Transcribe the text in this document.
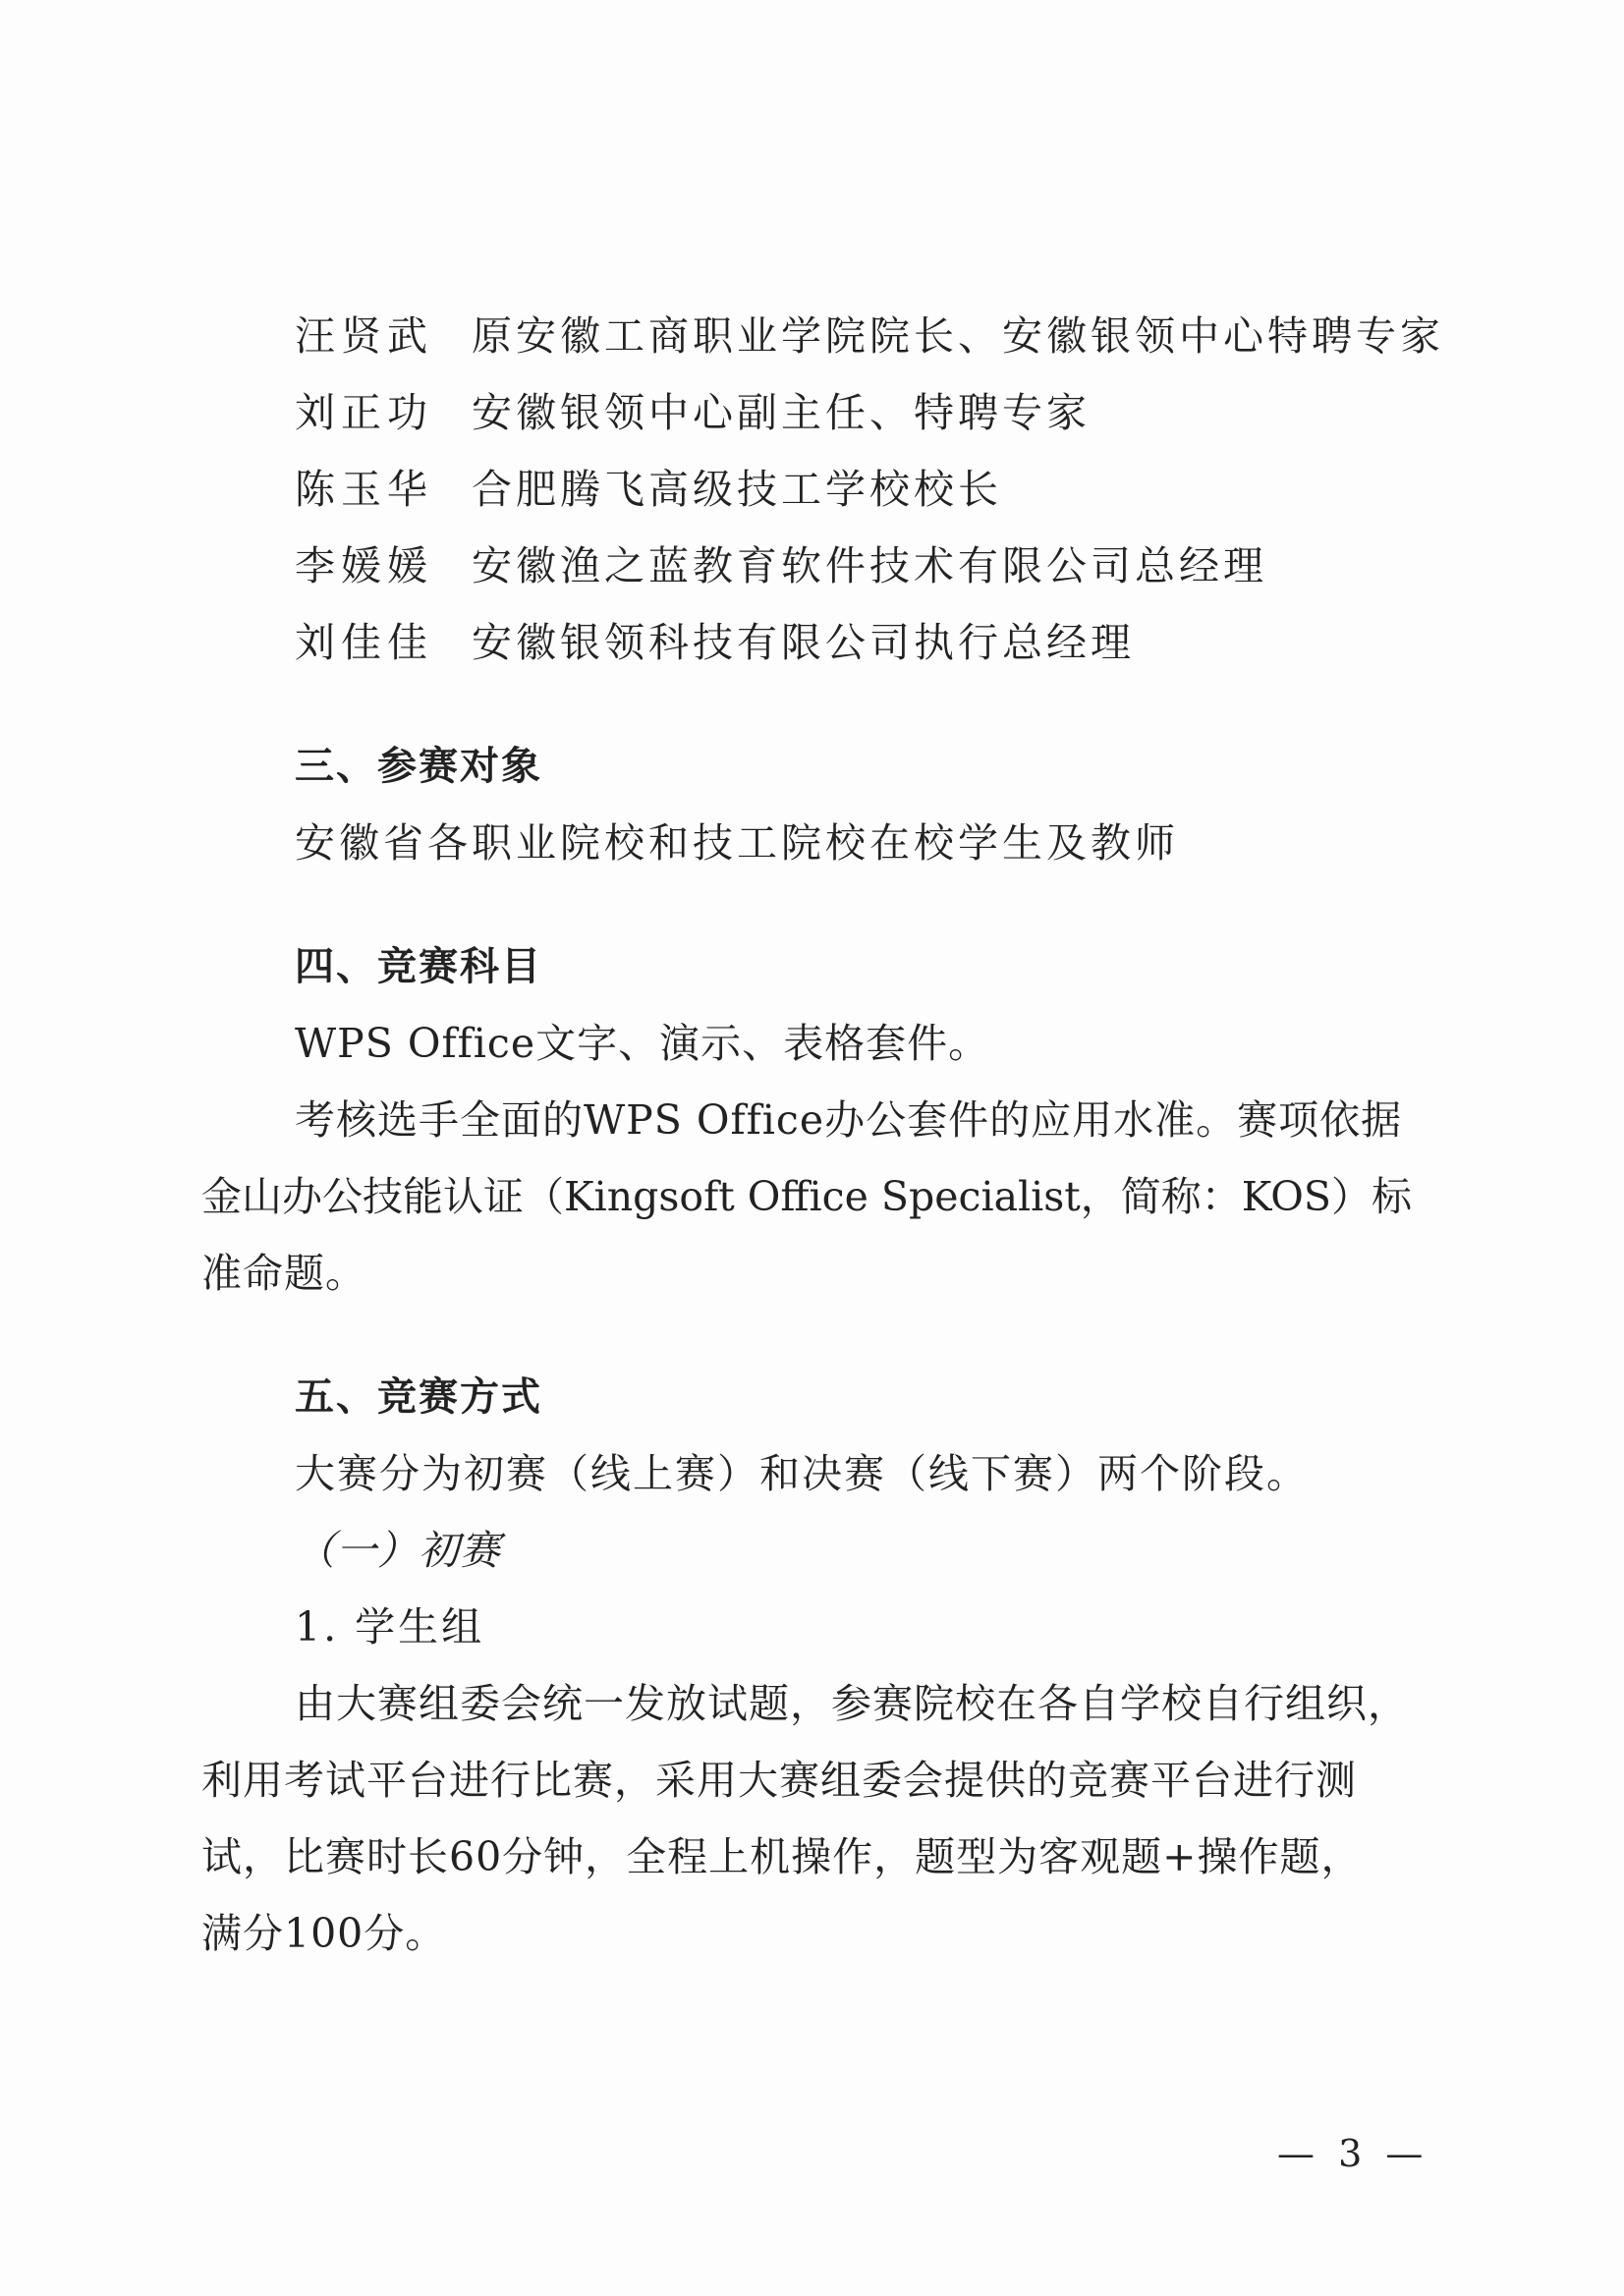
汪贤武 原安徽工商职业学院院长、安徽银领中心特聘专家
刘正功 安徽银领中心副主任、特聘专家
陈玉华 合肥腾飞高级技工学校校长
李媛媛 安徽渔之蓝教育软件技术有限公司总经理
刘佳佳 安徽银领科技有限公司执行总经理
三、参赛对象
安徽省各职业院校和技工院校在校学生及教师
四、竞赛科目
WPS Office文字、演示、表格套件。
考核选手全面的WPS Office办公套件的应用水准。赛项依据
金山办公技能认证（Kingsoft Office Specialist，简称：KOS）标
准命题。
五、竞赛方式
大赛分为初赛（线上赛）和决赛（线下赛）两个阶段。
（一）初赛
1. 学生组
由大赛组委会统一发放试题，参赛院校在各自学校自行组织，
利用考试平台进行比赛，采用大赛组委会提供的竞赛平台进行测
试，比赛时长60分钟，全程上机操作，题型为客观题+操作题，
满分100分。
— 3 —
